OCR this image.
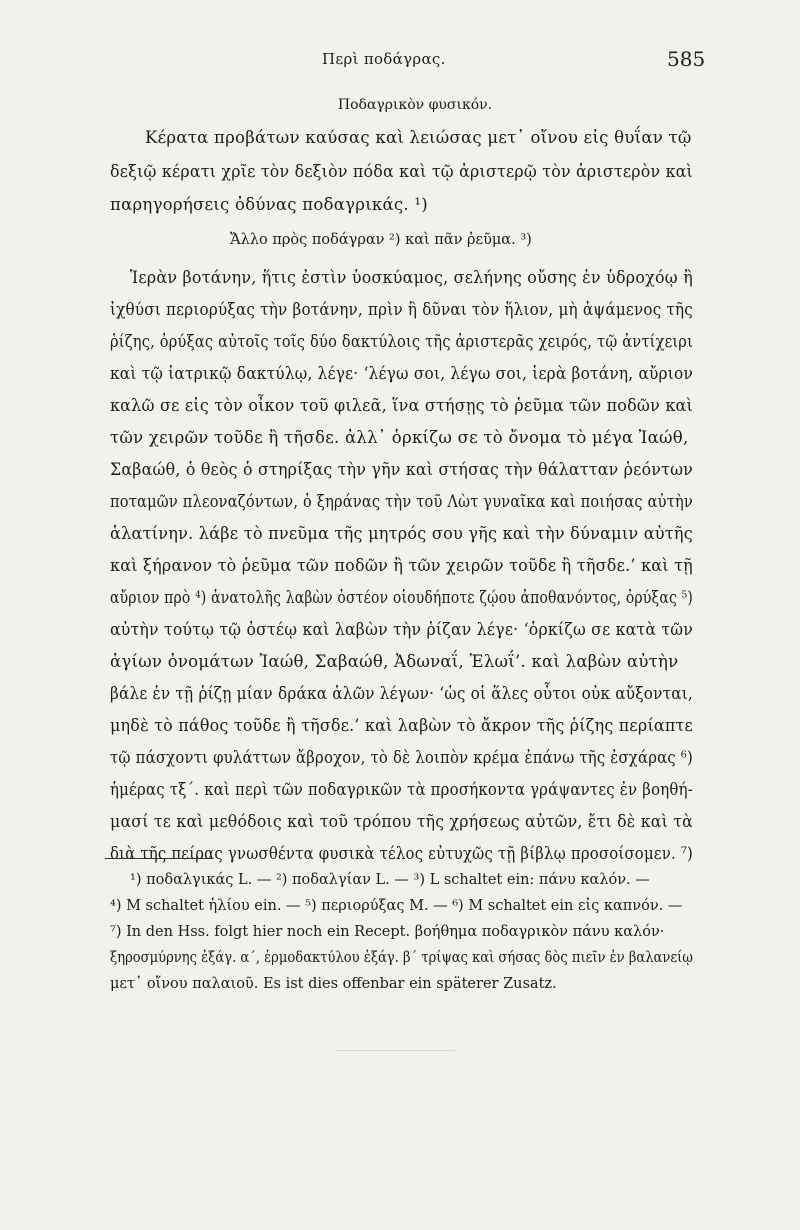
Περὶ ποδάγρας.	585
Ποδαγρικὸν φυσικόν.
Κέρατα προβάτων καύσας καὶ λειώσας μετ᾿ οἴνου εἰς θυΐαν τῷ
δεξιῷ κέρατι χρῖε τὸν δεξιὸν πόδα καὶ τῷ ἀριστερῷ τὸν ἀριστερὸν καὶ
παρηγορήσεις ὀδύνας ποδαγρικάς. ¹)
Ἄλλο πρὸς ποδάγραν ²) καὶ πᾶν ῥεῦμα. ³)
Ἱερὰν βοτάνην, ἥτις ἐστὶν ὑοσκύαμος, σελήνης οὔσης ἐν ὑδροχόῳ ἢ
ἰχθύσι περιορύξας τὴν βοτάνην, πρὶν ἢ δῦναι τὸν ἥλιον, μὴ ἀψάμενος τῆς
ῥίζης, ὀρύξας αὐτοῖς τοῖς δύο δακτύλοις τῆς ἀριστερᾶς χειρός, τῷ ἀντίχειρι
καὶ τῷ ἰατρικῷ δακτύλῳ, λέγε· ‘λέγω σοι, λέγω σοι, ἱερὰ βοτάνη, αὔριον
καλῶ σε εἰς τὸν οἶκον τοῦ φιλεᾶ, ἵνα στήσῃς τὸ ῥεῦμα τῶν ποδῶν καὶ
τῶν χειρῶν τοῦδε ἢ τῆσδε. ἀλλ᾿ ὁρκίζω σε τὸ ὄνομα τὸ μέγα Ἰαώθ,
Σαβαώθ, ὁ θεὸς ὁ στηρίξας τὴν γῆν καὶ στήσας τὴν θάλατταν ῥεόντων
ποταμῶν πλεοναζόντων, ὁ ξηράνας τὴν τοῦ Λὼτ γυναῖκα καὶ ποιήσας αὐτὴν
ἁλατίνην. λάβε τὸ πνεῦμα τῆς μητρός σου γῆς καὶ τὴν δύναμιν αὐτῆς
καὶ ξήρανον τὸ ῥεῦμα τῶν ποδῶν ἢ τῶν χειρῶν τοῦδε ἢ τῆσδε.’ καὶ τῇ
αὔριον πρὸ ⁴) ἀνατολῆς λαβὼν ὀστέον οἱουδήποτε ζῴου ἀποθανόντος, ὀρύξας ⁵)
αὐτὴν τούτῳ τῷ ὀστέῳ καὶ λαβὼν τὴν ῥίζαν λέγε· ‘ὁρκίζω σε κατὰ τῶν
ἁγίων ὀνομάτων Ἰαώθ, Σαβαώθ, Ἀδωναΐ, Ἐλωΐ’. καὶ λαβὼν αὐτὴν
βάλε ἐν τῇ ῥίζῃ μίαν δράκα ἁλῶν λέγων· ‘ὡς οἱ ἅλες οὗτοι οὐκ αὔξονται,
μηδὲ τὸ πάθος τοῦδε ἢ τῆσδε.’ καὶ λαβὼν τὸ ἄκρον τῆς ῥίζης περίαπτε
τῷ πάσχοντι φυλάττων ἄβροχον, τὸ δὲ λοιπὸν κρέμα ἐπάνω τῆς ἐσχάρας ⁶)
ἡμέρας τξ΄. καὶ περὶ τῶν ποδαγρικῶν τὰ προσήκοντα γράψαντες ἐν βοηθή-
μασί τε καὶ μεθόδοις καὶ τοῦ τρόπου τῆς χρήσεως αὐτῶν, ἔτι δὲ καὶ τὰ
διὰ τῆς πείρας γνωσθέντα φυσικὰ τέλος εὐτυχῶς τῇ βίβλῳ προσοίσομεν. ⁷)
¹) ποδαλγικάς L. — ²) ποδαλγίαν L. — ³) L schaltet ein: πάνυ καλόν. —
⁴) M schaltet ἡλίου ein. — ⁵) περιορύξας M. — ⁶) M schaltet ein εἰς καπνόν. —
⁷) In den Hss. folgt hier noch ein Recept. βοήθημα ποδαγρικὸν πάνυ καλόν·
ξηροσμύρνης ἐξάγ. α΄, ἑρμοδακτύλου ἐξάγ. β΄ τρίψας καὶ σήσας δὸς πιεῖν ἐν βαλανείῳ
μετ᾿ οἴνου παλαιοῦ. Es ist dies offenbar ein späterer Zusatz.
